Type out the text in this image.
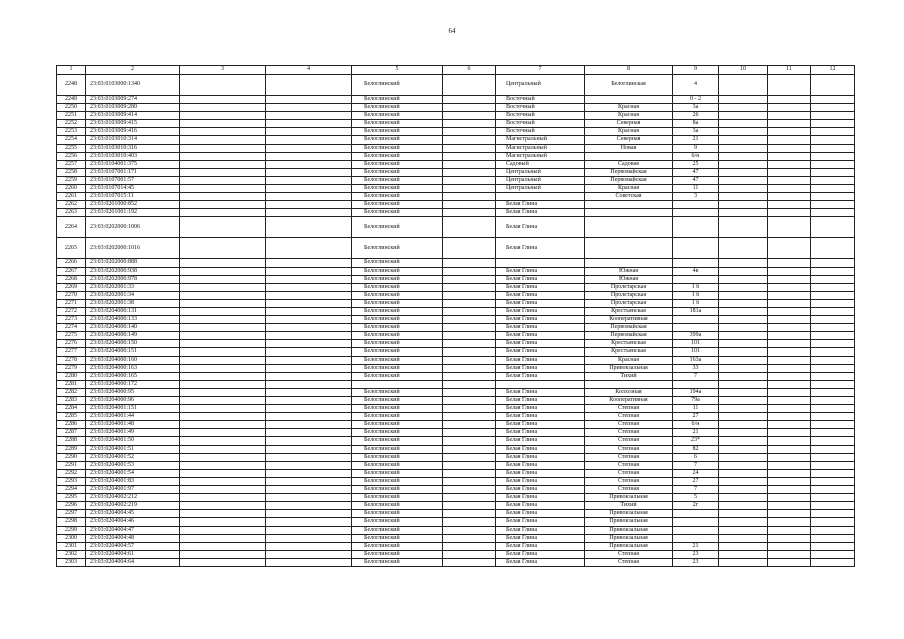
64
1	2	3	4	5	6	7	8	9	10	11	12
2248	23:03:0103000:1340			Белоглинский		Центральный	Белоглинская	4			
2249	23:03:0103009:274			Белоглинский		Восточный		0 - 2			
2250	23:03:0103009:280			Белоглинский		Восточный	Красная	3а			
2251	23:03:0103009:414			Белоглинский		Восточный	Красная	2б			
2252	23:03:0103009:415			Белоглинский		Восточный	Северная	8а			
2253	23:03:0103009:416			Белоглинский		Восточный	Красная	3а			
2254	23:03:0103010:314			Белоглинский		Магистральный	Северная	21			
2255	23:03:0103010:316			Белоглинский		Магистральный	Новая	9			
2256	23:03:0103010:403			Белоглинский		Магистральный		б/н			
2257	23:03:0104001:375			Белоглинский		Садовый	Садовая	25			
2258	23:03:0107001:171			Белоглинский		Центральный	Первомайская	47			
2259	23:03:0107001:57			Белоглинский		Центральный	Первомайская	47			
2260	23:03:0107014:45			Белоглинский		Центральный	Красная	11			
2261	23:03:0107015:11			Белоглинский			Советская	3			
2262	23:03:0201000:852			Белоглинский		Белая Глина					
2263	23:03:0201001:192			Белоглинский		Белая Глина					
2264	23:03:0202000:1006			Белоглинский		Белая Глина					
2265	23:03:0202000:1016			Белоглинский		Белая Глина					
2266	23:03:0202000:888			Белоглинский							
2267	23:03:0202000:938			Белоглинский		Белая Глина	Южная	4в			
2268	23:03:0202000:978			Белоглинский		Белая Глина	Южная				
2269	23:03:0202001:33			Белоглинский		Белая Глина	Пролетарская	1 б			
2270	23:03:0202001:34			Белоглинский		Белая Глина	Пролетарская	1 б			
2271	23:03:0202001:38			Белоглинский		Белая Глина	Пролетарская	1 б			
2272	23:03:0204000:131			Белоглинский		Белая Глина	Крестьянская	181а			
2273	23:03:0204000:133			Белоглинский		Белая Глина	Кооперативная				
2274	23:03:0204000:140			Белоглинский		Белая Глина	Первомайская				
2275	23:03:0204000:149			Белоглинский		Белая Глина	Первомайская	399а			
2276	23:03:0204000:150			Белоглинский		Белая Глина	Крестьянская	101			
2277	23:03:0204000:151			Белоглинский		Белая Глина	Крестьянская	101			
2278	23:03:0204000:160			Белоглинский		Белая Глина	Красная	163а			
2279	23:03:0204000:163			Белоглинский		Белая Глина	Привокзальная	33			
2280	23:03:0204000:165			Белоглинский		Белая Глина	Тихий	7			
2281	23:03:0204000:172										
2282	23:03:0204000:95			Белоглинский		Белая Глина	Колхозная	194а			
2283	23:03:0204000:96			Белоглинский		Белая Глина	Кооперативная	79а			
2284	23:03:0204001:151			Белоглинский		Белая Глина	Степная	11			
2285	23:03:0204001:44			Белоглинский		Белая Глина	Степная	27			
2286	23:03:0204001:48			Белоглинский		Белая Глина	Степная	б/н			
2287	23:03:0204001:49			Белоглинский		Белая Глина	Степная	21			
2288	23:03:0204001:50			Белоглинский		Белая Глина	Степная	23*			
2289	23:03:0204001:51			Белоглинский		Белая Глина	Степная	82			
2290	23:03:0204001:52			Белоглинский		Белая Глина	Степная	6			
2291	23:03:0204001:53			Белоглинский		Белая Глина	Степная	7			
2292	23:03:0204001:54			Белоглинский		Белая Глина	Степная	24			
2293	23:03:0204001:83			Белоглинский		Белая Глина	Степная	27			
2294	23:03:0204001:97			Белоглинский		Белая Глина	Степная	7			
2295	23:03:0204002:212			Белоглинский		Белая Глина	Привокзальная	5			
2296	23:03:0204002:219			Белоглинский		Белая Глина	Тихий	2г			
2297	23:03:0204004:45			Белоглинский		Белая Глина	Привокзальная				
2298	23:03:0204004:46			Белоглинский		Белая Глина	Привокзальная				
2299	23:03:0204004:47			Белоглинский		Белая Глина	Привокзальная				
2300	23:03:0204004:48			Белоглинский		Белая Глина	Привокзальная				
2301	23:03:0204004:57			Белоглинский		Белая Глина	Привокзальная	21			
2302	23:03:0204004:61			Белоглинский		Белая Глина	Степная	23			
2303	23:03:0204004:64			Белоглинский		Белая Глина	Степная	23			
